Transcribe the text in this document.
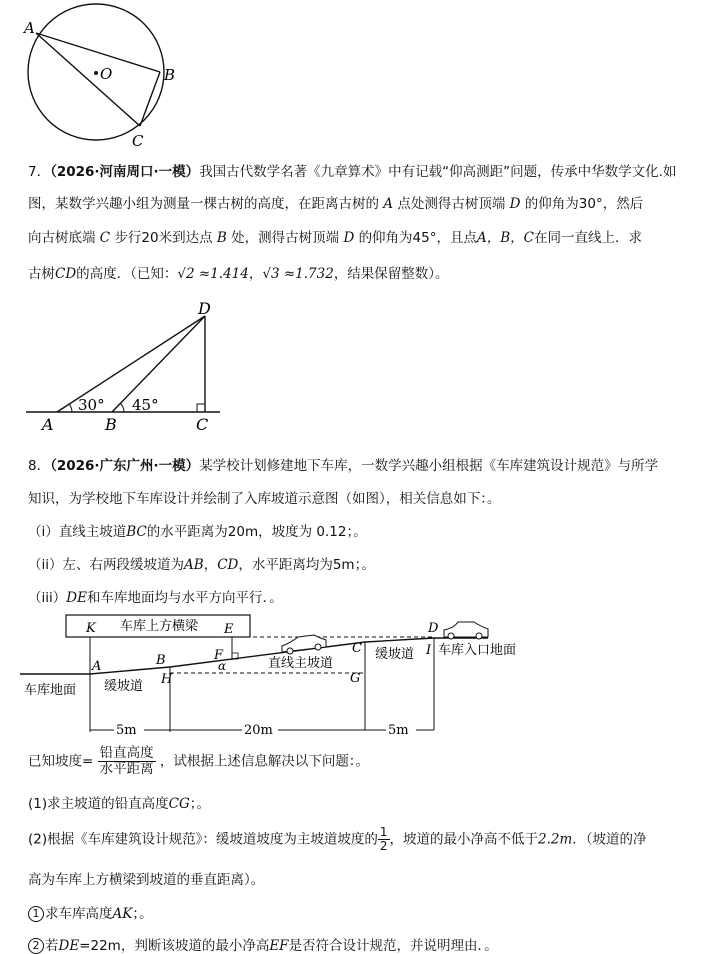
A
O	B
C
7．（2026·河南周口·一模）我国古代数学名著《九章算术》中有记载“仰高测距”问题，传承中华数学文化.如
图，某数学兴趣小组为测量一棵古树的高度，在距离古树的 A 点处测得古树顶端 D 的仰角为30°，然后
向古树底端 C 步行20米到达点 B 处，测得古树顶端 D 的仰角为45°，且点A，B，C在同一直线上．求
古树CD的高度．（已知：√2 ≈1.414，√3 ≈1.732，结果保留整数）。
30° 45°
D
A	B	C
8．（2026·广东广州·一模）某学校计划修建地下车库，一数学兴趣小组根据《车库建筑设计规范》与所学
知识，为学校地下车库设计并绘制了入库坡道示意图（如图），相关信息如下：。
（i）直线主坡道BC的水平距离为20m，坡度为 0.12；。
（ii）左、右两段缓坡道为AB，CD，水平距离均为5m；。
（iii）DE和车库地面均与水平方向平行．。
车库上方横梁
K	E	D
I 车库入口地面
A
车库地面
B
H
F
α
C
G
直线主坡道
缓坡道
缓坡道
5m	20m	5m
已知坡度= $\frac{\text{铅直高度}}{\text{水平距离}}$ ，试根据上述信息解决以下问题：。
(1)求主坡道的铅直高度CG；。
(2)根据《车库建筑设计规范》：缓坡道坡度为主坡道坡度的 $\frac{1}{2}$ ，坡道的最小净高不低于2.2m．（坡道的净
高为车库上方横梁到坡道的垂直距离）。
1 求车库高度AK；。
2 若DE=22m，判断该坡道的最小净高EF是否符合设计规范，并说明理由．。
